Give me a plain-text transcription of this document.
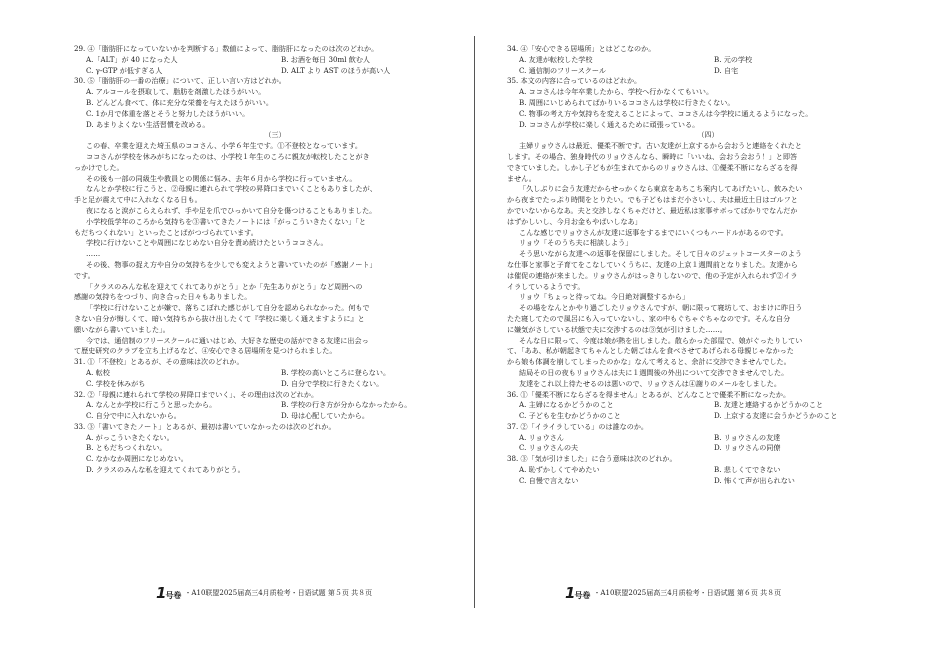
29. ④「脂肪肝になっていないかを判断する」数値によって、脂肪肝になったのは次のどれか。
A.「ALT」が 40 になった人	B. お酒を毎日 30ml 飲む人
C. γ-GTP が低すぎる人	D. ALT より AST のほうが高い人
30. ⑤「脂肪肝の一番の治療」について、正しい言い方はどれか。
A. アルコールを摂取して、脂肪を剤激したほうがいい。
B. どんどん食べて、体に充分な栄養を与えたほうがいい。
C. 1か月で体重を落とそうと努力したほうがいい。
D. あまりよくない生活習慣を改める。
（三）
この春、卒業を迎えた埼玉県のココさん、小学６年生です。①不登校となっています。
ココさんが学校を休みがちになったのは、小学校１年生のころに親友が転校したことがき
っかけでした。
その後も一部の同級生や教員との関係に悩み、去年６月から学校に行っていません。
なんとか学校に行こうと、②母親に連れられて学校の昇降口までいくこともありましたが、
手と足が震えて中に入れなくなる日も。
夜になると涙がこらえられず、手や足を爪でひっかいて自分を傷つけることもありました。
小学校低学年のころから気持ちを③書いてきたノートには「がっこういきたくない」「と
もだちつくれない」といったことばがつづられています。
学校に行けないことや周囲になじめない自分を責め続けたというココさん。
……
その後、物事の捉え方や自分の気持ちを少しでも変えようと書いていたのが「感謝ノート」
です。
「クラスのみんな私を迎えてくれてありがとう」とか「先生ありがとう」など周囲への
感謝の気持ちをつづり、向き合った日々もありました。
「学校に行けないことが嫌で、落ちこぼれた感じがして自分を認められなかった。何もで
きない自分が悔しくて、暗い気持ちから抜け出したくて『学校に楽しく通えますように』と
願いながら書いていました」。
今では、通信制のフリースクールに通いはじめ、大好きな歴史の話ができる友達に出会っ
て歴史研究のクラブを立ち上げるなど、④安心できる居場所を見つけられました。
31. ①「不登校」とあるが、その意味は次のどれか。
A. 転校	B. 学校の高いところに登らない。
C. 学校を休みがち	D. 自分で学校に行きたくない。
32. ②「母親に連れられて学校の昇降口までいく」、その理由は次のどれか。
A. なんとか学校に行こうと思ったから。	B. 学校の行き方が分からなかったから。
C. 自分で中に入れないから。	D. 母は心配していたから。
33. ③「書いてきたノート」とあるが、最初は書いていなかったのは次のどれか。
A. がっこういきたくない。
B. ともだちつくれない。
C. なかなか周囲になじめない。
D. クラスのみんな私を迎えてくれてありがとう。
34. ④「安心できる居場所」とはどこなのか。
A. 友達が転校した学校	B. 元の学校
C. 通信制のフリースクール	D. 自宅
35. 本文の内容に合っているのはどれか。
A. ココさんは今年卒業したから、学校へ行かなくてもいい。
B. 周囲にいじめられてばかりいるココさんは学校に行きたくない。
C. 物事の考え方や気持ちを変えることによって、ココさんは今学校に通えるようになった。
D. ココさんが学校に楽しく通えるために頑張っている。
（四）
主婦リョウさんは最近、優柔不断です。古い友達が上京するから会おうと連絡をくれたと
します。その場合、独身時代のリョウさんなら、瞬時に「いいね、会おう会おう！」と即答
できていました。しかし子どもが生まれてからのリョウさんは、①優柔不断にならざるを得
ません。
「久しぶりに会う友達だからせっかくなら東京をあちこち案内してあげたいし、飲みたい
から夜までたっぷり時間をとりたい。でも子どもはまだ小さいし、夫は最近土日はゴルフと
かでいないからなあ。夫と交渉しなくちゃだけど、最近私は家事サボってばかりでなんだか
はずかしいし、今月お金もやばいしなあ」
こんな感じでリョウさんが友達に返事をするまでにいくつもハードルがあるのです。
リョウ「そのうち夫に相談しよう」
そう思いながら友達への返事を保留にしました。そして日々のジェットコースターのよう
な仕事と家事と子育てをこなしていくうちに、友達の上京１週間前となりました。友達から
は催促の連絡が来ました。リョウさんがはっきりしないので、他の予定が入れられず②イラ
イラしているようです。
リョウ「ちょっと待ってね。今日絶対調整するから」
その場をなんとかやり過ごしたリョウさんですが、朝に限って寝坊して、おまけに昨日う
たた寝してたので風呂にも入っていないし、家の中もぐちゃぐちゃなのです。そんな自分
に嫌気がさしている状態で夫に交渉するのは③気が引けました……。
そんな日に限って、今度は娘が熱を出しました。散らかった部屋で、娘がぐったりしてい
て、「ああ、私が朝起きてちゃんとした朝ごはんを食べさせてあげられる母親じゃなかった
から娘も体調を崩してしまったのかな」なんて考えると、余計に交渉できませんでした。
結局その日の夜もリョウさんは夫に１週間後の外出について交渉できませんでした。
友達をこれ以上待たせるのは悪いので、リョウさんは④謝りのメールをしました。
36. ①「優柔不断にならざるを得ません」とあるが、どんなことで優柔不断になったか。
A. 主婦になるかどうかのこと	B. 友達と連絡するかどうかのこと
C. 子どもを生むかどうかのこと	D. 上京する友達に会うかどうかのこと
37. ②「イライラしている」のは誰なのか。
A. リョウさん	B. リョウさんの友達
C. リョウさんの夫	D. リョウさんの同僚
38. ③「気が引けました」に合う意味は次のどれか。
A. 恥ずかしくてやめたい	B. 悲しくてできない
C. 自慢で言えない	D. 怖くて声が出られない
1号卷 ・A10联盟2025届高三4月质检考・日语试题 第５页 共８页	1号卷 ・A10联盟2025届高三4月质检考・日语试题 第６页 共８页
